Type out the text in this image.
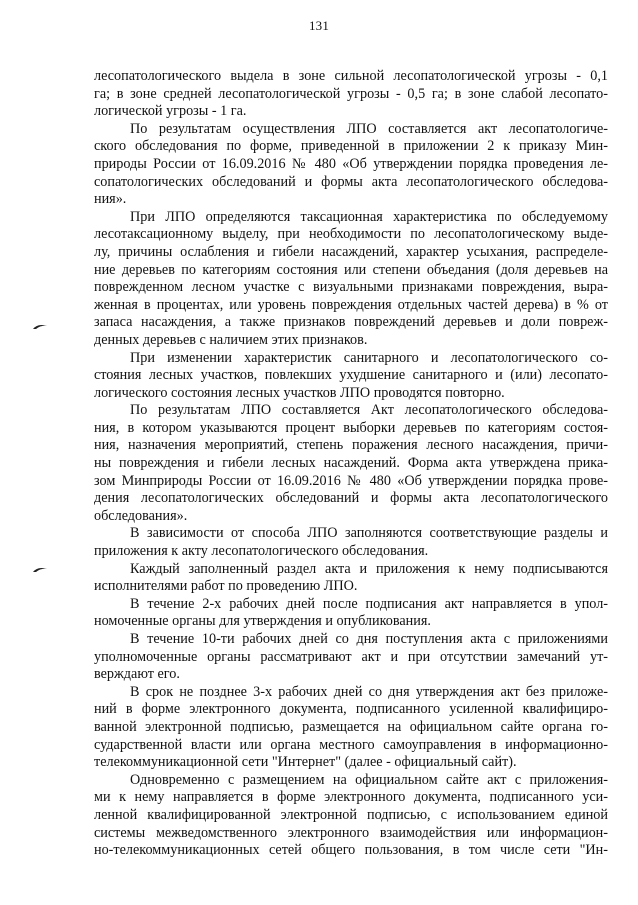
131
лесопатологического выдела в зоне сильной лесопатологической угрозы - 0,1
га; в зоне средней лесопатологической угрозы - 0,5 га; в зоне слабой лесопато-
логической угрозы - 1 га.
По результатам осуществления ЛПО составляется акт лесопатологиче-
ского обследования по форме, приведенной в приложении 2 к приказу Мин-
природы России от 16.09.2016 № 480 «Об утверждении порядка проведения ле-
сопатологических обследований и формы акта лесопатологического обследова-
ния».
При ЛПО определяются таксационная характеристика по обследуемому
лесотаксационному выделу, при необходимости по лесопатологическому выде-
лу, причины ослабления и гибели насаждений, характер усыхания, распределе-
ние деревьев по категориям состояния или степени объедания (доля деревьев на
поврежденном лесном участке с визуальными признаками повреждения, выра-
женная в процентах, или уровень повреждения отдельных частей дерева) в % от
запаса насаждения, а также признаков повреждений деревьев и доли повреж-
денных деревьев с наличием этих признаков.
При изменении характеристик санитарного и лесопатологического со-
стояния лесных участков, повлекших ухудшение санитарного и (или) лесопато-
логического состояния лесных участков ЛПО проводятся повторно.
По результатам ЛПО составляется Акт лесопатологического обследова-
ния, в котором указываются процент выборки деревьев по категориям состоя-
ния, назначения мероприятий, степень поражения лесного насаждения, причи-
ны повреждения и гибели лесных насаждений. Форма акта утверждена прика-
зом Минприроды России от 16.09.2016 № 480 «Об утверждении порядка прове-
дения лесопатологических обследований и формы акта лесопатологического
обследования».
В зависимости от способа ЛПО заполняются соответствующие разделы и
приложения к акту лесопатологического обследования.
Каждый заполненный раздел акта и приложения к нему подписываются
исполнителями работ по проведению ЛПО.
В течение 2-х рабочих дней после подписания акт направляется в упол-
номоченные органы для утверждения и опубликования.
В течение 10-ти рабочих дней со дня поступления акта с приложениями
уполномоченные органы рассматривают акт и при отсутствии замечаний ут-
верждают его.
В срок не позднее 3-х рабочих дней со дня утверждения акт без приложе-
ний в форме электронного документа, подписанного усиленной квалифициро-
ванной электронной подписью, размещается на официальном сайте органа го-
сударственной власти или органа местного самоуправления в информационно-
телекоммуникационной сети "Интернет" (далее - официальный сайт).
Одновременно с размещением на официальном сайте акт с приложения-
ми к нему направляется в форме электронного документа, подписанного уси-
ленной квалифицированной электронной подписью, с использованием единой
системы межведомственного электронного взаимодействия или информацион-
но-телекоммуникационных сетей общего пользования, в том числе сети "Ин-
